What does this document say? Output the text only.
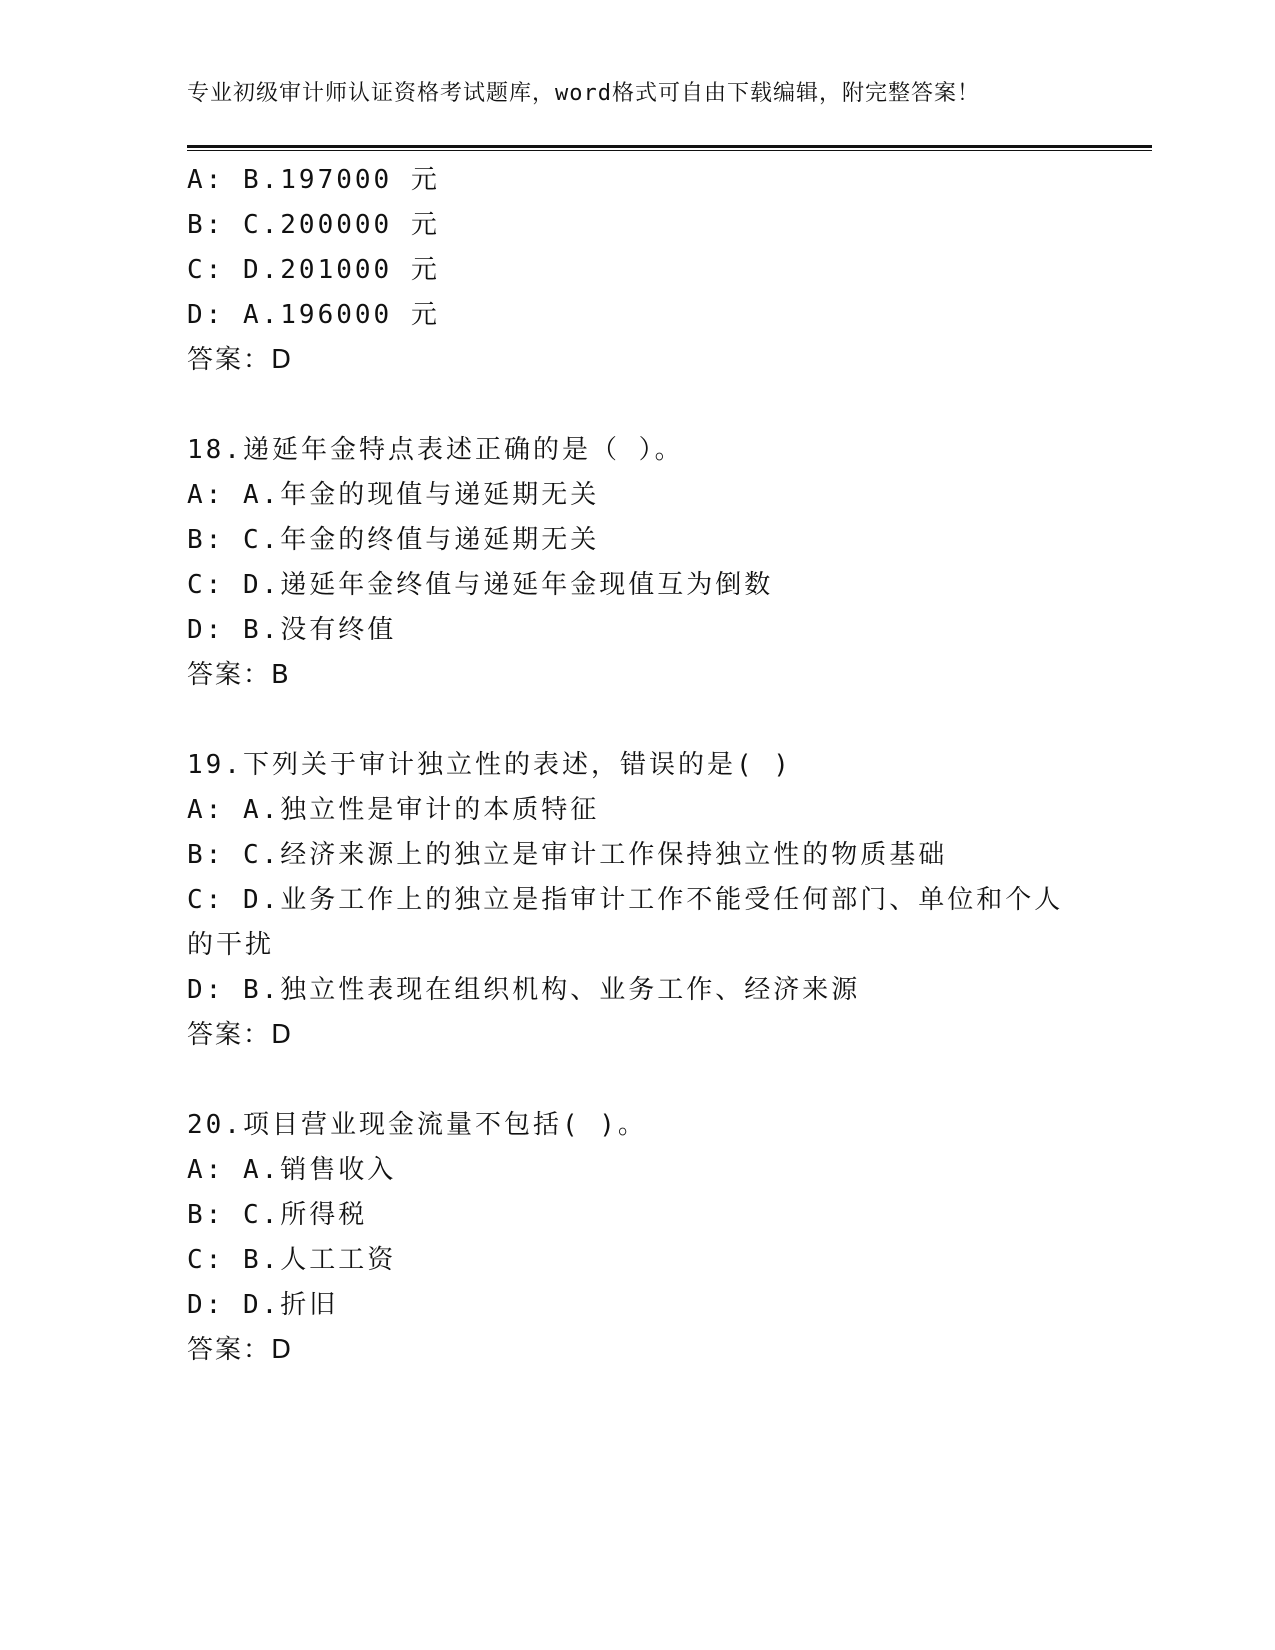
专业初级审计师认证资格考试题库，word格式可自由下载编辑，附完整答案！
A: B.197000 元
B: C.200000 元
C: D.201000 元
D: A.196000 元
答案：D
18.递延年金特点表述正确的是（ ）。
A: A.年金的现值与递延期无关
B: C.年金的终值与递延期无关
C: D.递延年金终值与递延年金现值互为倒数
D: B.没有终值
答案：B
19.下列关于审计独立性的表述，错误的是( )
A: A.独立性是审计的本质特征
B: C.经济来源上的独立是审计工作保持独立性的物质基础
C: D.业务工作上的独立是指审计工作不能受任何部门、单位和个人的干扰
D: B.独立性表现在组织机构、业务工作、经济来源
答案：D
20.项目营业现金流量不包括( )。
A: A.销售收入
B: C.所得税
C: B.人工工资
D: D.折旧
答案：D
